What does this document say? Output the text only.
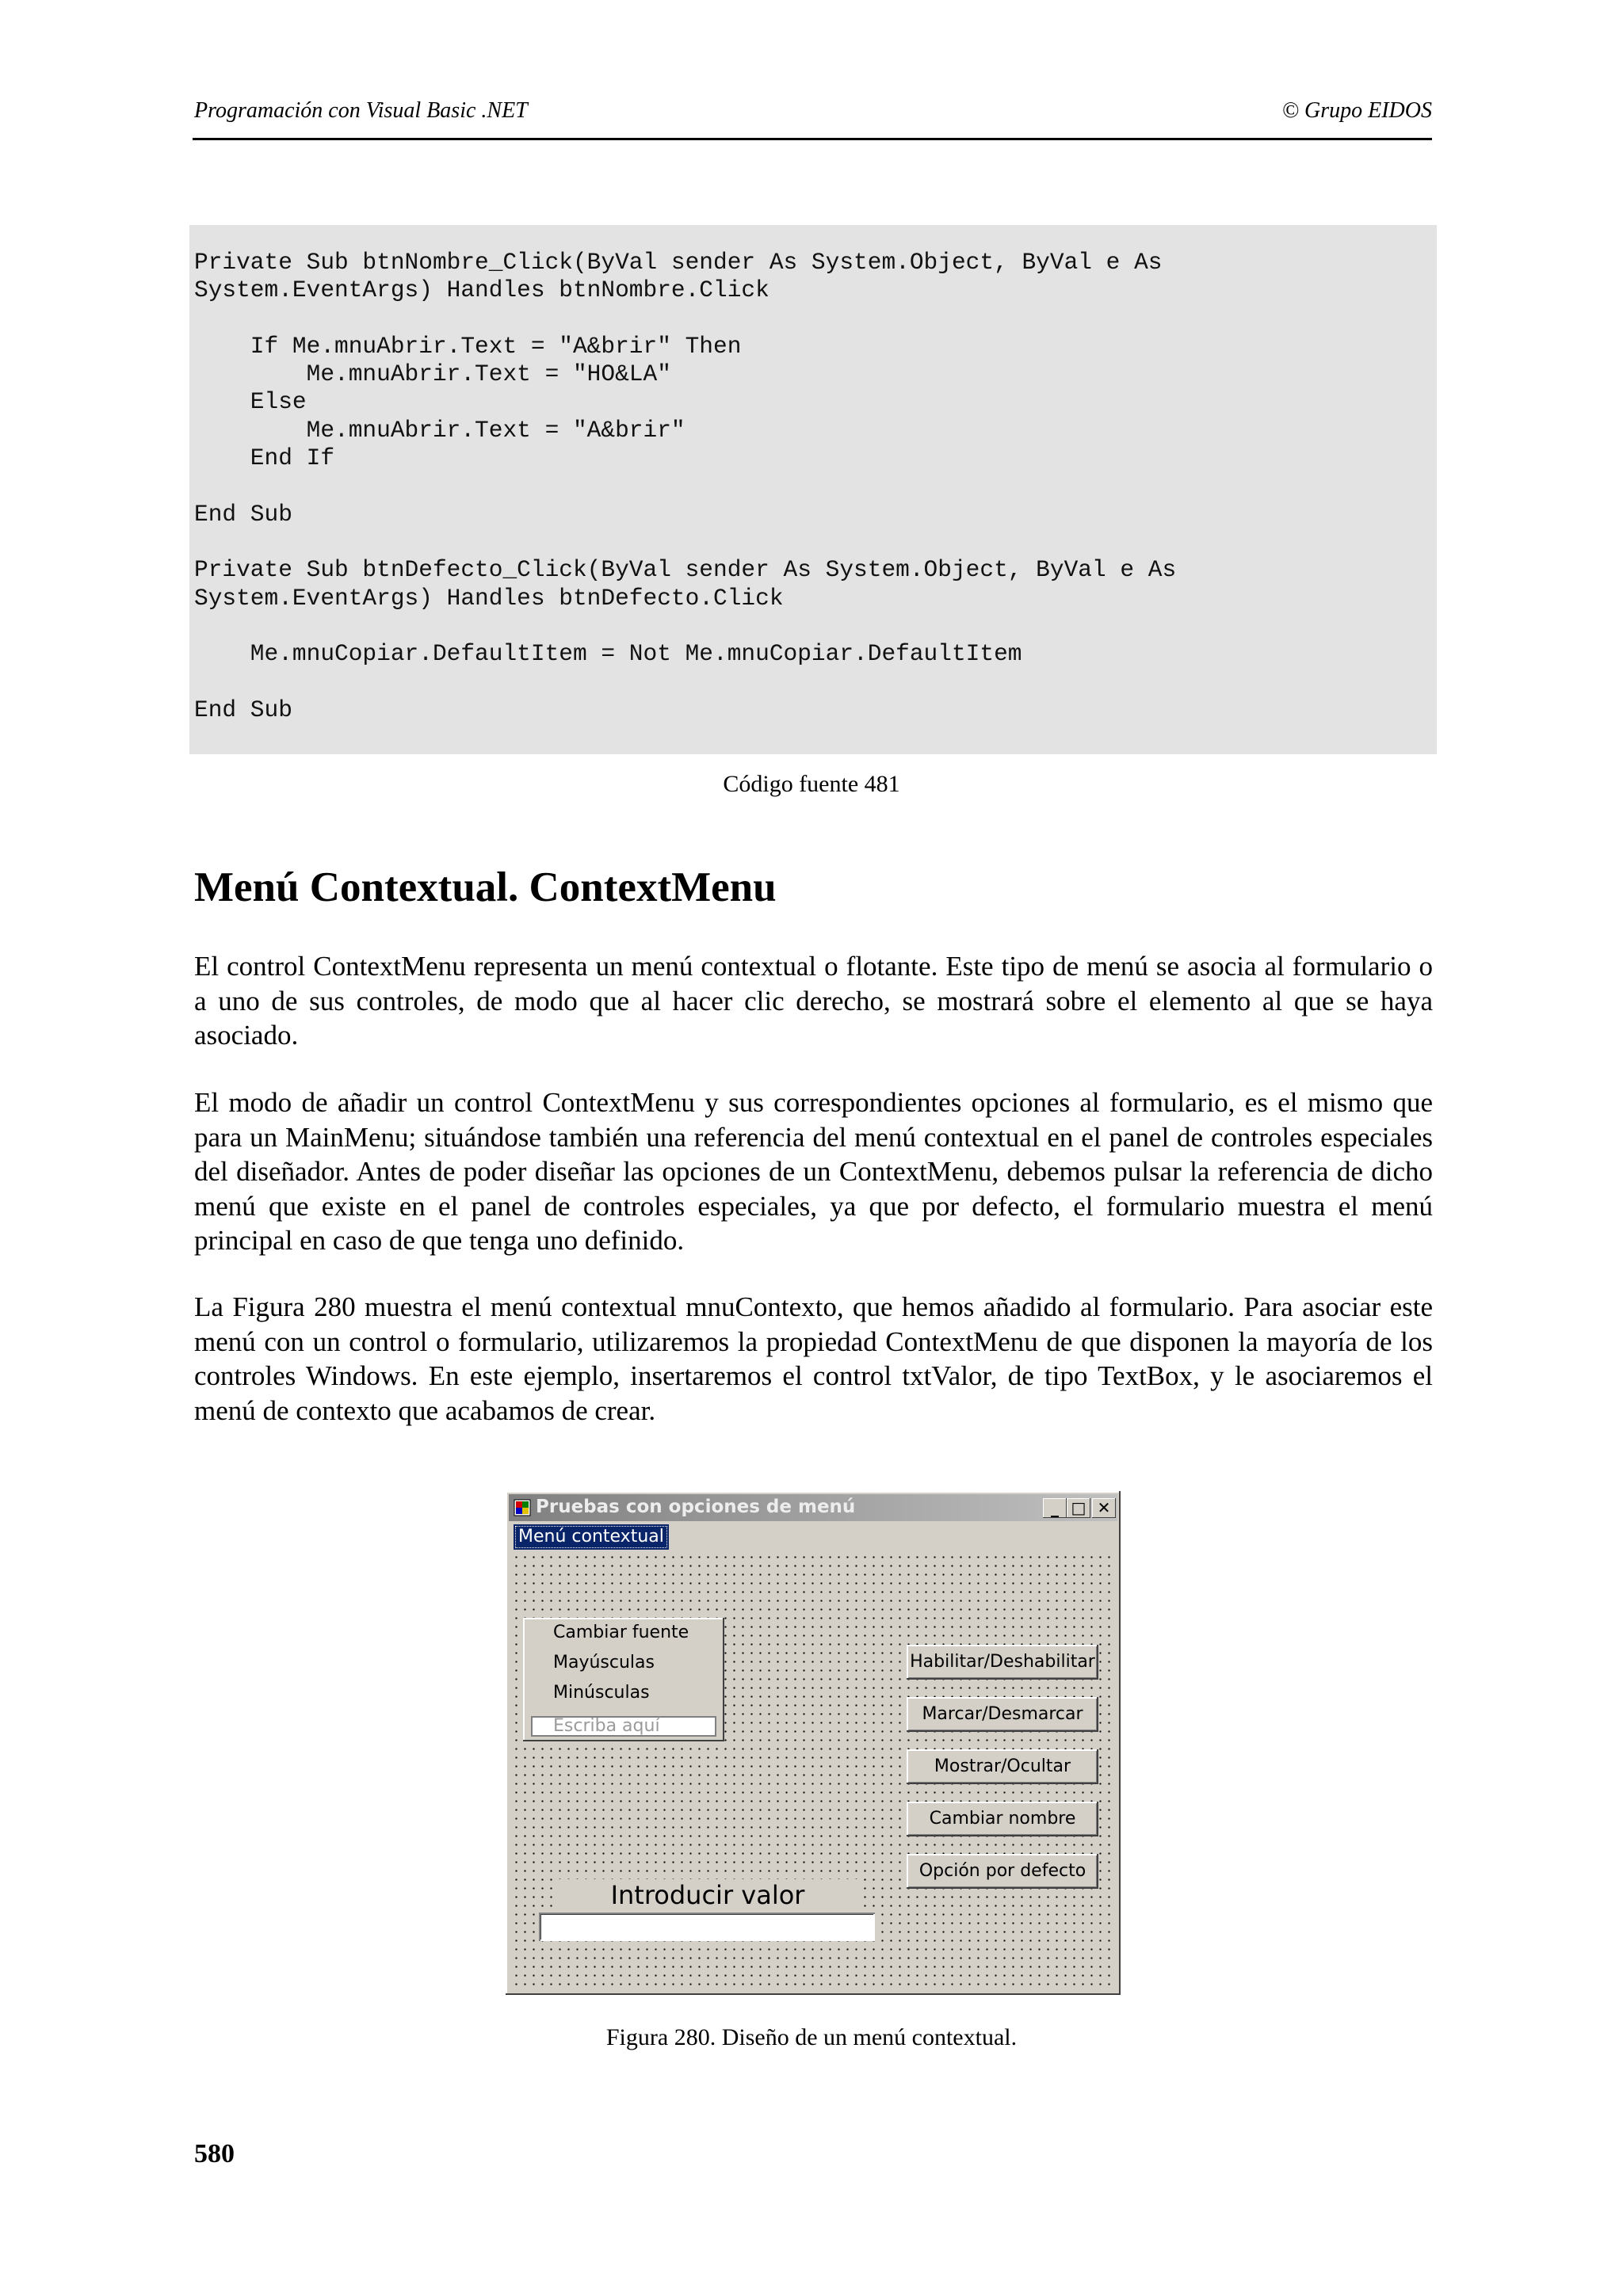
Programación con Visual Basic .NET	© Grupo EIDOS
Private Sub btnNombre_Click(ByVal sender As System.Object, ByVal e As
System.EventArgs) Handles btnNombre.Click

If Me.mnuAbrir.Text = "A&brir" Then
Me.mnuAbrir.Text = "HO&LA"
Else
Me.mnuAbrir.Text = "A&brir"
End If

End Sub

Private Sub btnDefecto_Click(ByVal sender As System.Object, ByVal e As
System.EventArgs) Handles btnDefecto.Click

Me.mnuCopiar.DefaultItem = Not Me.mnuCopiar.DefaultItem

End Sub
Código fuente 481
Menú Contextual. ContextMenu

El control ContextMenu representa un menú contextual o flotante. Este tipo de menú se asocia al formulario o a uno de sus controles, de modo que al hacer clic derecho, se mostrará sobre el elemento al que se haya asociado.

El modo de añadir un control ContextMenu y sus correspondientes opciones al formulario, es el mismo que para un MainMenu; situándose también una referencia del menú contextual en el panel de controles especiales del diseñador. Antes de poder diseñar las opciones de un ContextMenu, debemos pulsar la referencia de dicho menú que existe en el panel de controles especiales, ya que por defecto, el formulario muestra el menú principal en caso de que tenga uno definido.

La Figura 280 muestra el menú contextual mnuContexto, que hemos añadido al formulario. Para asociar este menú con un control o formulario, utilizaremos la propiedad ContextMenu de que disponen la mayoría de los controles Windows. En este ejemplo, insertaremos el control txtValor, de tipo TextBox, y le asociaremos el menú de contexto que acabamos de crear.

Pruebas con opciones de menú	_ □ ✕
Menú contextual
Cambiar fuente
Mayúsculas
Minúsculas
Escriba aquí
Habilitar/Deshabilitar
Marcar/Desmarcar
Mostrar/Ocultar
Cambiar nombre
Opción por defecto
Introducir valor
Figura 280. Diseño de un menú contextual.
580
